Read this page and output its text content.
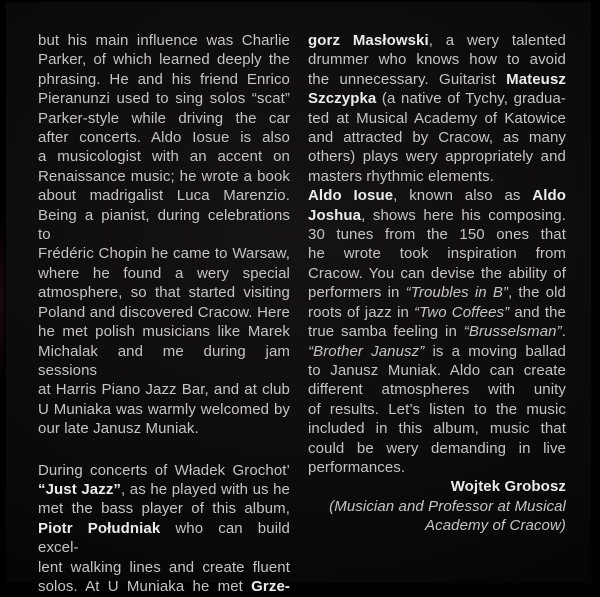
but his main influence was Charlie
Parker, of which learned deeply the
phrasing. He and his friend Enrico
Pieranunzi used to sing solos “scat”
Parker-style while driving the car
after concerts. Aldo Iosue is also
a musicologist with an accent on
Renaissance music; he wrote a book
about madrigalist Luca Marenzio.
Being a pianist, during celebrations to
Frédéric Chopin he came to Warsaw,
where he found a wery special
atmosphere, so that started visiting
Poland and discovered Cracow. Here
he met polish musicians like Marek
Michalak and me during jam sessions
at Harris Piano Jazz Bar, and at club
U Muniaka was warmly welcomed by
our late Janusz Muniak.
During concerts of Władek Grochot’
“Just Jazz”, as he played with us he
met the bass player of this album,
Piotr Południak who can build excel-
lent walking lines and create fluent
solos. At U Muniaka he met Grze-
gorz Masłowski, a wery talented
drummer who knows how to avoid
the unnecessary. Guitarist Mateusz
Szczypka (a native of Tychy, gradua-
ted at Musical Academy of Katowice
and attracted by Cracow, as many
others) plays wery appropriately and
masters rhythmic elements.
Aldo Iosue, known also as Aldo
Joshua, shows here his composing.
30 tunes from the 150 ones that
he wrote took inspiration from
Cracow. You can devise the ability of
performers in “Troubles in B”, the old
roots of jazz in “Two Coffees” and the
true samba feeling in “Brusselsman”.
“Brother Janusz” is a moving ballad
to Janusz Muniak. Aldo can create
different atmospheres with unity
of results. Let’s listen to the music
included in this album, music that
could be wery demanding in live
performances.
Wojtek Grobosz
(Musician and Professor at Musical
Academy of Cracow)
